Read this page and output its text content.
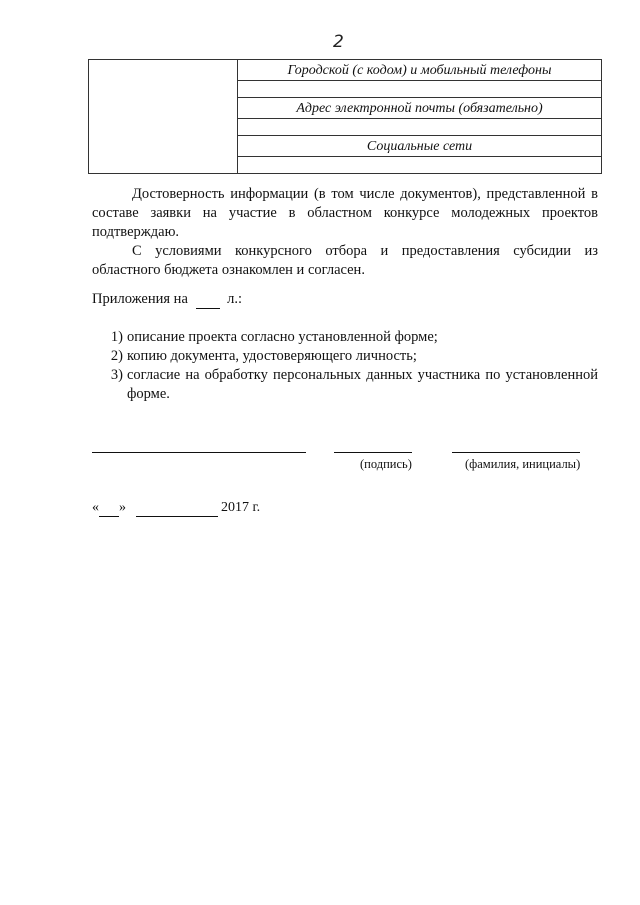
2
	Городской (с кодом) и мобильный телефоны

Адрес электронной почты (обязательно)

Социальные сети

Достоверность информации (в том числе документов), представленной в составе заявки на участие в областном конкурсе молодежных проектов подтверждаю.

С условиями конкурсного отбора и предоставления субсидии из областного бюджета ознакомлен и согласен.

Приложения на	л.:
1) описание проекта согласно установленной форме;
2) копию документа, удостоверяющего личность;
3) согласие на обработку персональных данных участника по установленной форме.
(подпись)	(фамилия, инициалы)
« »	2017 г.
